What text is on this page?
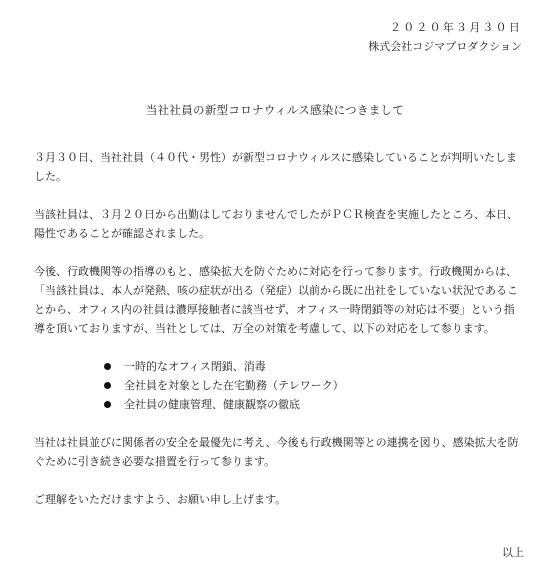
２０２０年３月３０日
株式会社コジマプロダクション
当社社員の新型コロナウィルス感染につきまして

３月３０日、当社社員（４０代・男性）が新型コロナウィルスに感染していることが判明いたしました。

当該社員は、３月２０日から出勤はしておりませんでしたがＰＣＲ検査を実施したところ、本日、陽性であることが確認されました。

今後、行政機関等の指導のもと、感染拡大を防ぐために対応を行って参ります。行政機関からは、「当該社員は、本人が発熱、咳の症状が出る（発症）以前から既に出社をしていない状況であることから、オフィス内の社員は濃厚接触者に該当せず、オフィス一時閉鎖等の対応は不要」という指導を頂いておりますが、当社としては、万全の対策を考慮して、以下の対応をして参ります。

一時的なオフィス閉鎖、消毒
全社員を対象とした在宅勤務（テレワーク）
全社員の健康管理、健康観察の徹底

当社は社員並びに関係者の安全を最優先に考え、今後も行政機関等との連携を図り、感染拡大を防ぐために引き続き必要な措置を行って参ります。

ご理解をいただけますよう、お願い申し上げます。

以上
